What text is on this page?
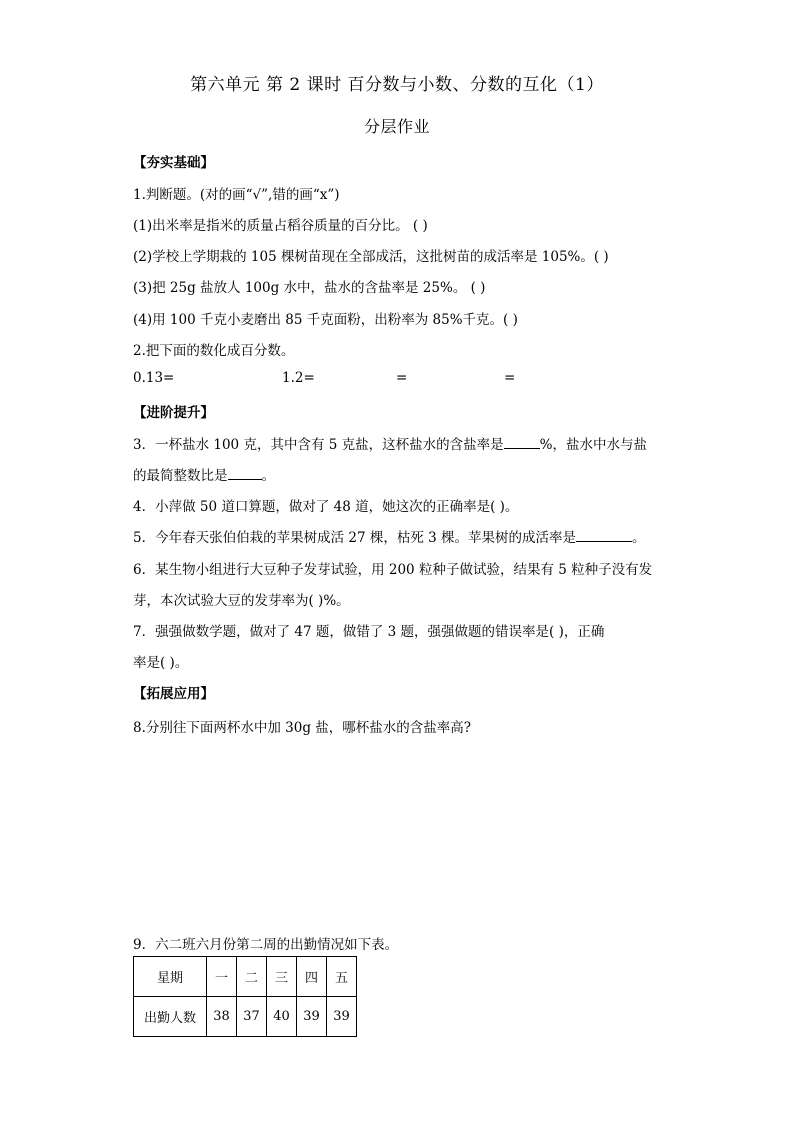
第六单元 第 2 课时 百分数与小数、分数的互化（1）
分层作业
【夯实基础】
1.判断题。(对的画“√”,错的画“x”)
(1)出米率是指米的质量占稻谷质量的百分比。 ( )
(2)学校上学期栽的 105 棵树苗现在全部成活，这批树苗的成活率是 105%。( )
(3)把 25g 盐放人 100g 水中，盐水的含盐率是 25%。 ( )
(4)用 100 千克小麦磨出 85 千克面粉，出粉率为 85%千克。( )
2.把下面的数化成百分数。
0.13=	1.2=	=	=
【进阶提升】
3．一杯盐水 100 克，其中含有 5 克盐，这杯盐水的含盐率是	%，盐水中水与盐
的最简整数比是	。
4．小萍做 50 道口算题，做对了 48 道，她这次的正确率是( )。
5．今年春天张伯伯栽的苹果树成活 27 棵，枯死 3 棵。苹果树的成活率是	。
6．某生物小组进行大豆种子发芽试验，用 200 粒种子做试验，结果有 5 粒种子没有发
芽，本次试验大豆的发芽率为( )%。
7．强强做数学题，做对了 47 题，做错了 3 题，强强做题的错误率是( )，正确
率是( )。
【拓展应用】
8.分别往下面两杯水中加 30g 盐，哪杯盐水的含盐率高?
9．六二班六月份第二周的出勤情况如下表。
星期	一	二	三	四	五
出勤人数	38	37	40	39	39
